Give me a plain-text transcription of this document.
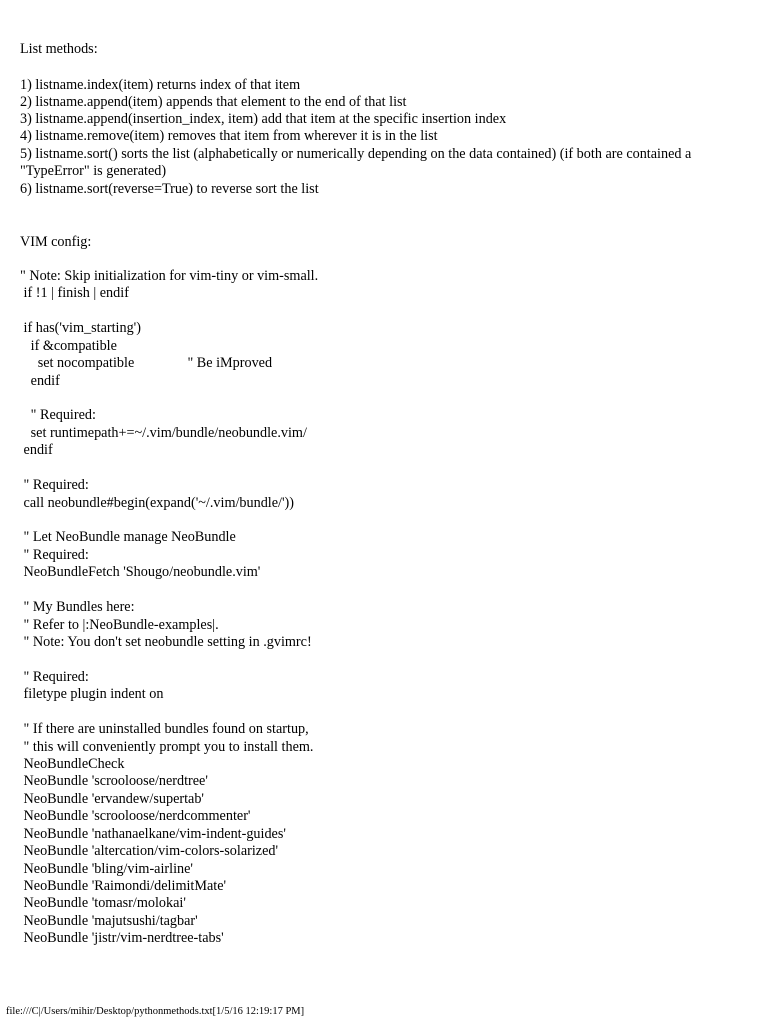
List methods:
1) listname.index(item) returns index of that item
2) listname.append(item) appends that element to the end of that list
3) listname.append(insertion_index, item) add that item at the specific insertion index
4) listname.remove(item) removes that item from wherever it is in the list
5) listname.sort() sorts the list (alphabetically or numerically depending on the data contained) (if both are contained a
"TypeError" is generated)
6) listname.sort(reverse=True) to reverse sort the list
VIM config:
" Note: Skip initialization for vim-tiny or vim-small.
if !1 | finish | endif
if has('vim_starting')
if &compatible
set nocompatible               " Be iMproved
endif
" Required:
set runtimepath+=~/.vim/bundle/neobundle.vim/
endif
" Required:
call neobundle#begin(expand('~/.vim/bundle/'))
" Let NeoBundle manage NeoBundle
" Required:
NeoBundleFetch 'Shougo/neobundle.vim'
" My Bundles here:
" Refer to |:NeoBundle-examples|.
" Note: You don't set neobundle setting in .gvimrc!
" Required:
filetype plugin indent on
" If there are uninstalled bundles found on startup,
" this will conveniently prompt you to install them.
NeoBundleCheck
NeoBundle 'scrooloose/nerdtree'
NeoBundle 'ervandew/supertab'
NeoBundle 'scrooloose/nerdcommenter'
NeoBundle 'nathanaelkane/vim-indent-guides'
NeoBundle 'altercation/vim-colors-solarized'
NeoBundle 'bling/vim-airline'
NeoBundle 'Raimondi/delimitMate'
NeoBundle 'tomasr/molokai'
NeoBundle 'majutsushi/tagbar'
NeoBundle 'jistr/vim-nerdtree-tabs'
file:///C|/Users/mihir/Desktop/pythonmethods.txt[1/5/16 12:19:17 PM]
